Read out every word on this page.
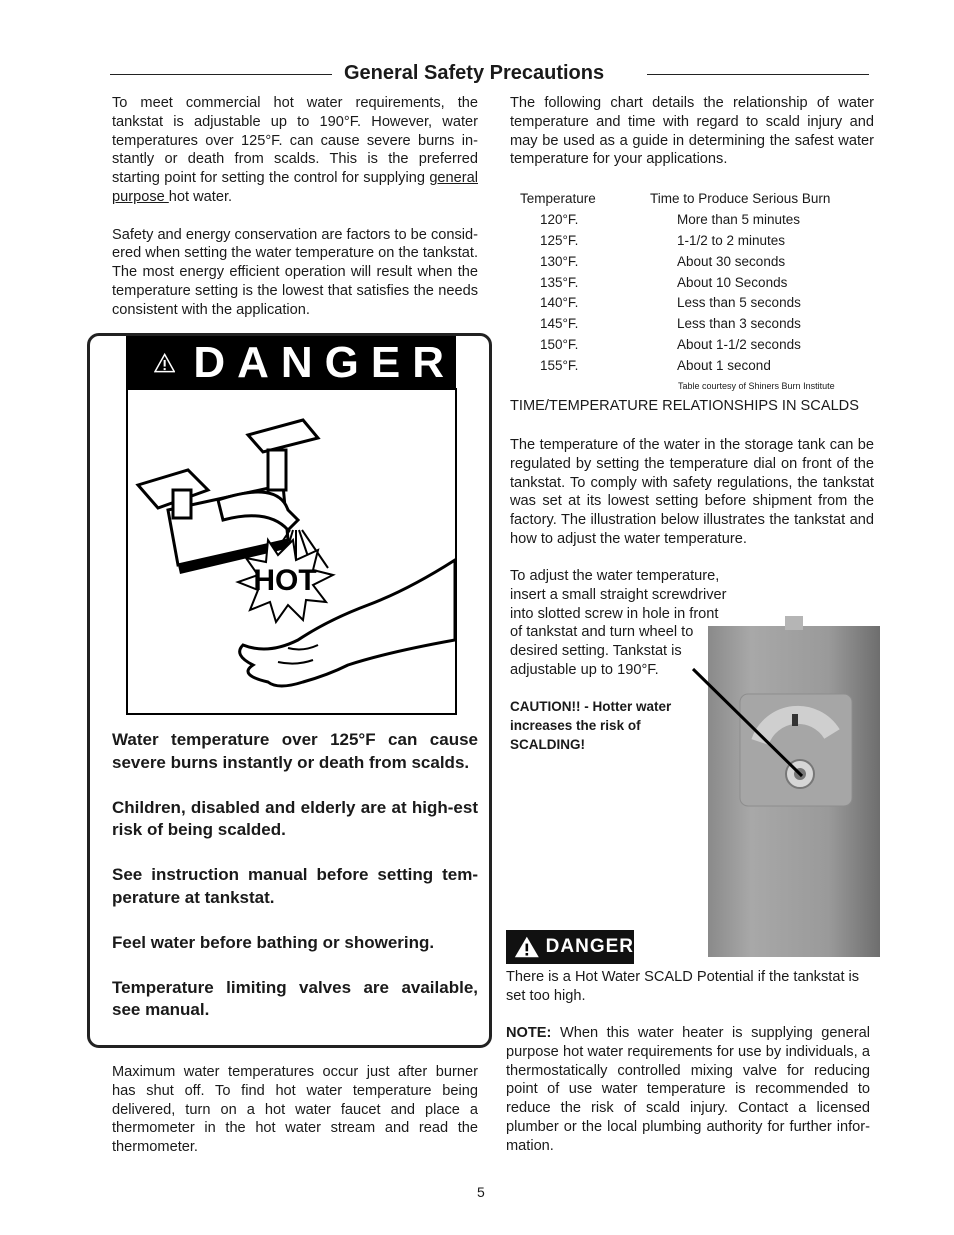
General Safety Precautions

To meet commercial hot water requirements, the tankstat is adjustable up to 190°F. However, water temperatures over 125°F. can cause severe burns in-stantly or death from scalds. This is the preferred starting point for setting the control for supplying general purpose hot water.

Safety and energy conservation are factors to be consid-ered when setting the water temperature on the tankstat. The most energy efficient operation will result when the temperature setting is the lowest that satisfies the needs consistent with the application.

DANGER
HOT

Water temperature over 125°F can cause severe burns instantly or death from scalds.

Children, disabled and elderly are at high-est risk of being scalded.

See instruction manual before setting tem-perature at tankstat.

Feel water before bathing or showering.

Temperature limiting valves are available, see manual.

Maximum water temperatures occur just after burner has shut off. To find hot water temperature being delivered, turn on a hot water faucet and place a thermometer in the hot water stream and read the thermometer.
The following chart details the relationship of water temperature and time with regard to scald injury and may be used as a guide in determining the safest water temperature for your applications.
Temperature	Time to Produce Serious Burn
120°F.	More than 5 minutes
125°F.	1-1/2 to 2 minutes
130°F.	About 30 seconds
135°F.	About 10 Seconds
140°F.	Less than 5 seconds
145°F.	Less than 3 seconds
150°F.	About 1-1/2 seconds
155°F.	About 1 second
Table courtesy of Shiners Burn Institute
TIME/TEMPERATURE RELATIONSHIPS IN SCALDS
The temperature of the water in the storage tank can be regulated by setting the temperature dial on front of the tankstat. To comply with safety regulations, the tankstat was set at its lowest setting before shipment from the factory. The illustration below illustrates the tankstat and how to adjust the water temperature.
To adjust the water temperature,
insert a small straight screwdriver
into slotted screw in hole in front
of tankstat and turn wheel to
desired setting. Tankstat is
adjustable up to 190°F.
CAUTION!! - Hotter water increases the risk of SCALDING!
DANGER
There is a Hot Water SCALD Potential if the tankstat is set too high.
NOTE: When this water heater is supplying general purpose hot water requirements for use by individuals, a thermostatically controlled mixing valve for reducing point of use water temperature is recommended to reduce the risk of scald injury. Contact a licensed plumber or the local plumbing authority for further infor-mation.
5
